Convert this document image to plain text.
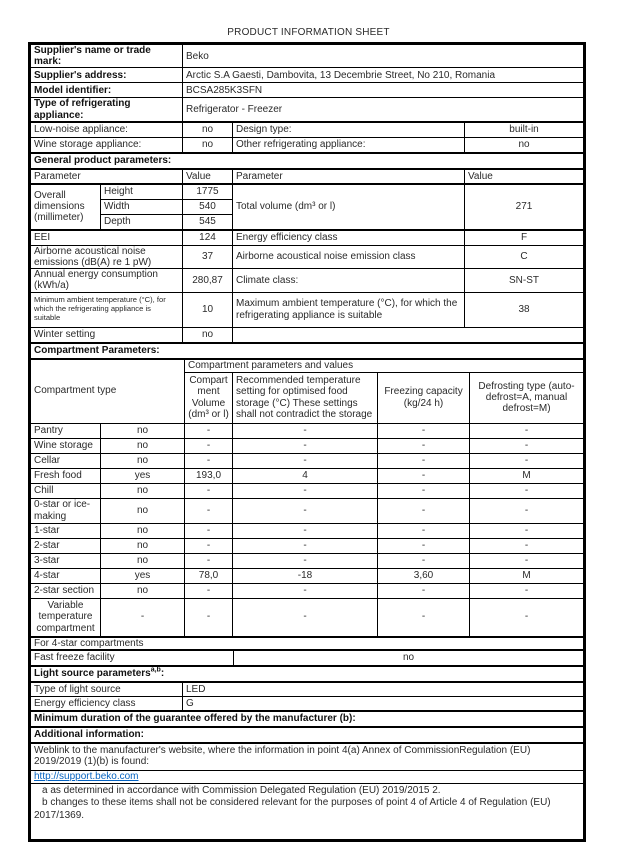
PRODUCT INFORMATION SHEET
Supplier's name or trade mark:	Beko
Supplier's address:	Arctic S.A Gaesti, Dambovita, 13 Decembrie Street, No 210, Romania
Model identifier:	BCSA285K3SFN
Type of refrigerating appliance:	Refrigerator - Freezer
Low-noise appliance:	no	Design type:	built-in
Wine storage appliance:	no	Other refrigerating appliance:	no
General product parameters:
Parameter	Value	Parameter	Value
Overall dimensions (millimeter)	Height	1775	Total volume (dm³ or l)	271
	Width	540		
	Depth	545		
EEI	124	Energy efficiency class	F
Airborne acoustical noise emissions (dB(A) re 1 pW)	37	Airborne acoustical noise emission class	C
Annual energy consumption (kWh/a)	280,87	Climate class:	SN-ST
Minimum ambient temperature (°C), for which the refrigerating appliance is suitable	10	Maximum ambient temperature (°C), for which the refrigerating appliance is suitable	38
Winter setting	no		
Compartment Parameters:
Compartment type		Compartment parameters and values			
		Compartment Volume (dm³ or l)	Recommended temperature setting for optimised food storage (°C) These settings shall not contradict the storage	Freezing capacity (kg/24 h)	Defrosting type (auto-defrost=A, manual defrost=M)
Pantry	no	-	-	-	-
Wine storage	no	-	-	-	-
Cellar	no	-	-	-	-
Fresh food	yes	193,0	4	-	M
Chill	no	-	-	-	-
0-star or ice-making	no	-	-	-	-
1-star	no	-	-	-	-
2-star	no	-	-	-	-
3-star	no	-	-	-	-
4-star	yes	78,0	-18	3,60	M
2-star section	no	-	-	-	-
Variable temperature compartment	-	-	-	-	-
For 4-star compartments
Fast freeze facility	no
Light source parameters$^{a,b}$:
Type of light source	LED
Energy efficiency class	G
Minimum duration of the guarantee offered by the manufacturer (b):
Additional information:
Weblink to the manufacturer's website, where the information in point 4(a) Annex of CommissionRegulation (EU) 2019/2019 (1)(b) is found:
http://support.beko.com

a as determined in accordance with Commission Delegated Regulation (EU) 2019/2015 2.

b changes to these items shall not be considered relevant for the purposes of point 4 of Article 4 of Regulation (EU) 2017/1369.
